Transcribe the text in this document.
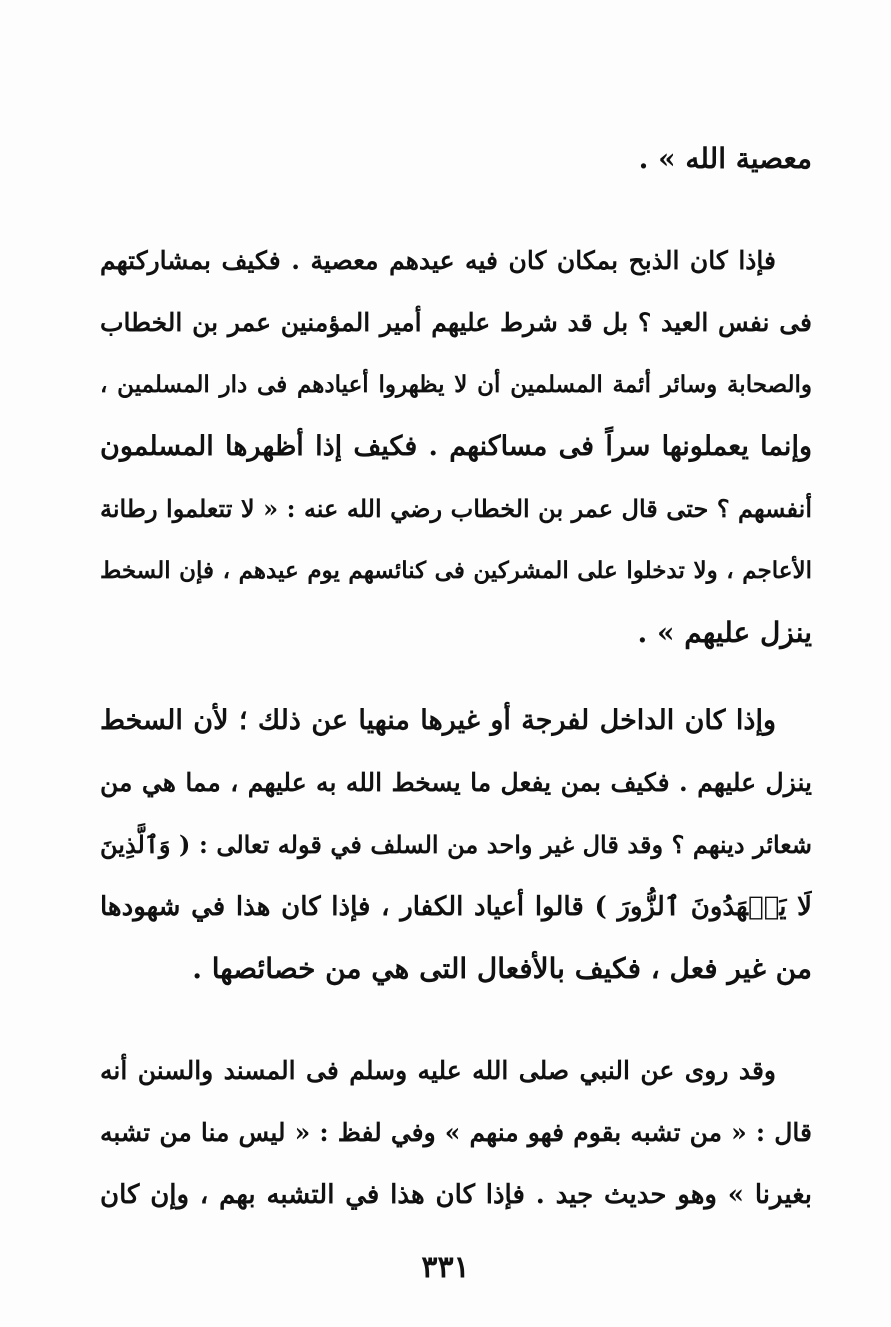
معصية الله » .
فإذا كان الذبح بمكان كان فيه عيدهم معصية . فكيف بمشاركتهم
فى نفس العيد ؟ بل قد شرط عليهم أمير المؤمنين عمر بن الخطاب
والصحابة وسائر أئمة المسلمين أن لا يظهروا أعيادهم فى دار المسلمين ،
وإنما يعملونها سراً فى مساكنهم . فكيف إذا أظهرها المسلمون
أنفسهم ؟ حتى قال عمر بن الخطاب رضي الله عنه : « لا تتعلموا رطانة
الأعاجم ، ولا تدخلوا على المشركين فى كنائسهم يوم عيدهم ، فإن السخط
ينزل عليهم » .
وإذا كان الداخل لفرجة أو غيرها منهيا عن ذلك ؛ لأن السخط
ينزل عليهم . فكيف بمن يفعل ما يسخط الله به عليهم ، مما هي من
شعائر دينهم ؟ وقد قال غير واحد من السلف في قوله تعالى : ( وَٱلَّذِينَ
لَا يَشۡهَدُونَ ٱلزُّورَ ) قالوا أعياد الكفار ، فإذا كان هذا في شهودها
من غير فعل ، فكيف بالأفعال التى هي من خصائصها .
وقد روى عن النبي صلى الله عليه وسلم فى المسند والسنن أنه
قال : « من تشبه بقوم فهو منهم » وفي لفظ : « ليس منا من تشبه
بغيرنا » وهو حديث جيد . فإذا كان هذا في التشبه بهم ، وإن كان
٣٣١
